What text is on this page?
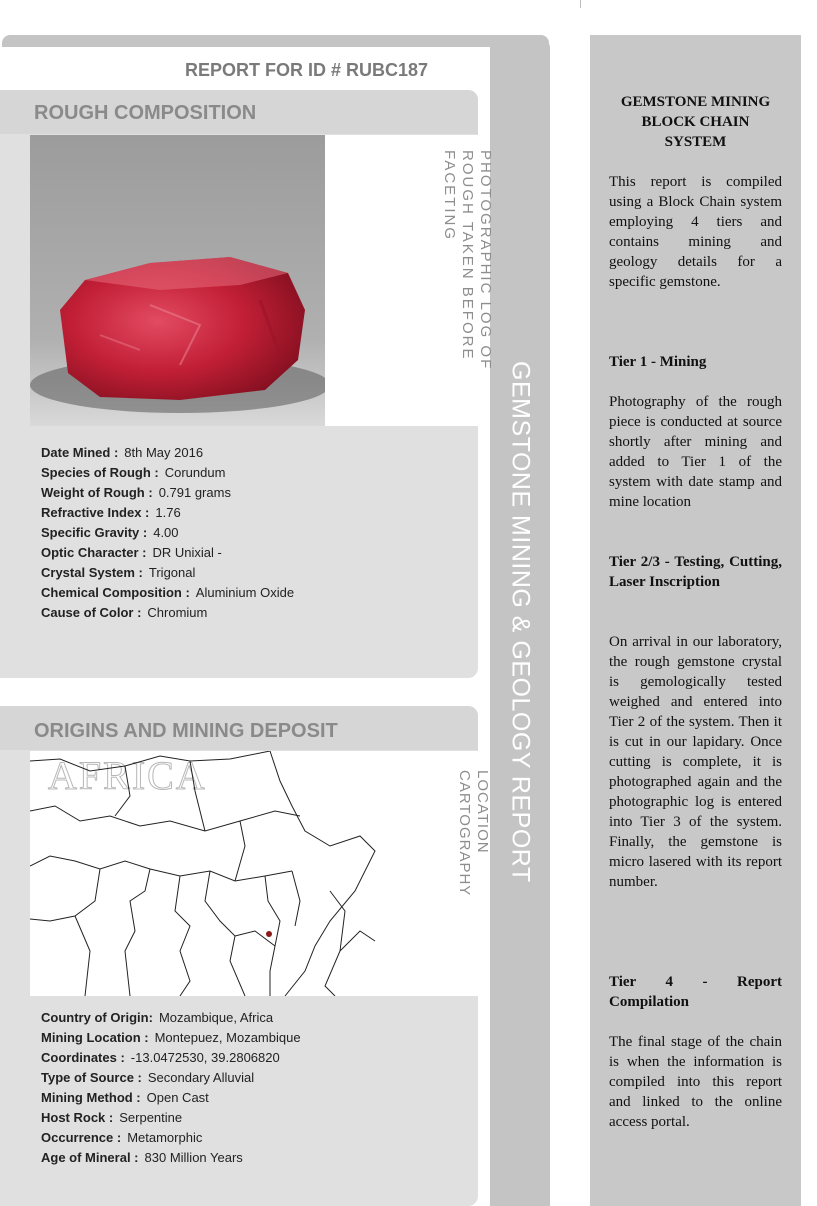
GEMSTONE MINING & GEOLOGY REPORT
REPORT FOR ID # RUBC187
ROUGH COMPOSITION
PHOTOGRAPHIC LOG OF ROUGH TAKEN BEFORE FACETING
Date Mined : 8th May 2016
Species of Rough : Corundum
Weight of Rough : 0.791 grams
Refractive Index : 1.76
Specific Gravity : 4.00
Optic Character : DR Unixial -
Crystal System : Trigonal
Chemical Composition : Aluminium Oxide
Cause of Color : Chromium
ORIGINS AND MINING DEPOSIT
AFRICA	LOCATION CARTOGRAPHY
Country of Origin: Mozambique, Africa
Mining Location : Montepuez, Mozambique
Coordinates : -13.0472530, 39.2806820
Type of Source : Secondary Alluvial
Mining Method : Open Cast
Host Rock : Serpentine
Occurrence : Metamorphic
Age of Mineral : 830 Million Years
GEMSTONE MINING BLOCK CHAIN SYSTEM
This report is compiled using a Block Chain system employing 4 tiers and contains mining and geology details for a specific gemstone.
Tier 1 - Mining
Photography of the rough piece is conducted at source shortly after mining and added to Tier 1 of the system with date stamp and mine location
Tier 2/3 - Testing, Cutting, Laser Inscription
On arrival in our laboratory, the rough gemstone crystal is gemologically tested weighed and entered into Tier 2 of the system. Then it is cut in our lapidary. Once cutting is complete, it is photographed again and the photographic log is entered into Tier 3 of the system. Finally, the gemstone is micro lasered with its report number.
Tier 4 - Report Compilation
The final stage of the chain is when the information is compiled into this report and linked to the online access portal.
